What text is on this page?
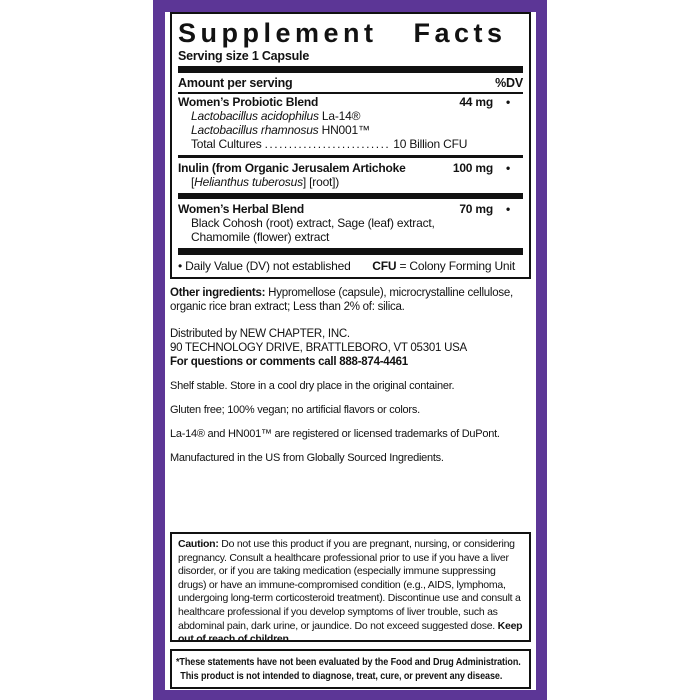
Supplement Facts
Serving size 1 Capsule
Amount per serving	%DV
Women’s Probiotic Blend	44 mg	•
Lactobacillus acidophilus La-14®
Lactobacillus rhamnosus HN001™
Total Cultures .......................... 10 Billion CFU
Inulin (from Organic Jerusalem Artichoke	100 mg	•
[Helianthus tuberosus] [root])
Women’s Herbal Blend	70 mg	•
Black Cohosh (root) extract, Sage (leaf) extract,
Chamomile (flower) extract
• Daily Value (DV) not established CFU = Colony Forming Unit

Other ingredients: Hypromellose (capsule), microcrystalline cellulose, organic rice bran extract; Less than 2% of: silica.

Distributed by NEW CHAPTER, INC.
90 TECHNOLOGY DRIVE, BRATTLEBORO, VT 05301 USA
For questions or comments call 888-874-4461

Shelf stable. Store in a cool dry place in the original container.

Gluten free; 100% vegan; no artificial flavors or colors.

La-14® and HN001™ are registered or licensed trademarks of DuPont.

Manufactured in the US from Globally Sourced Ingredients.

Caution: Do not use this product if you are pregnant, nursing, or considering pregnancy. Consult a healthcare professional prior to use if you have a liver disorder, or if you are taking medication (especially immune suppressing drugs) or have an immune-compromised condition (e.g., AIDS, lymphoma, undergoing long-term corticosteroid treatment). Discontinue use and consult a healthcare professional if you develop symptoms of liver trouble, such as abdominal pain, dark urine, or jaundice. Do not exceed suggested dose. Keep out of reach of children.
*These statements have not been evaluated by the Food and Drug Administration.
This product is not intended to diagnose, treat, cure, or prevent any disease.
